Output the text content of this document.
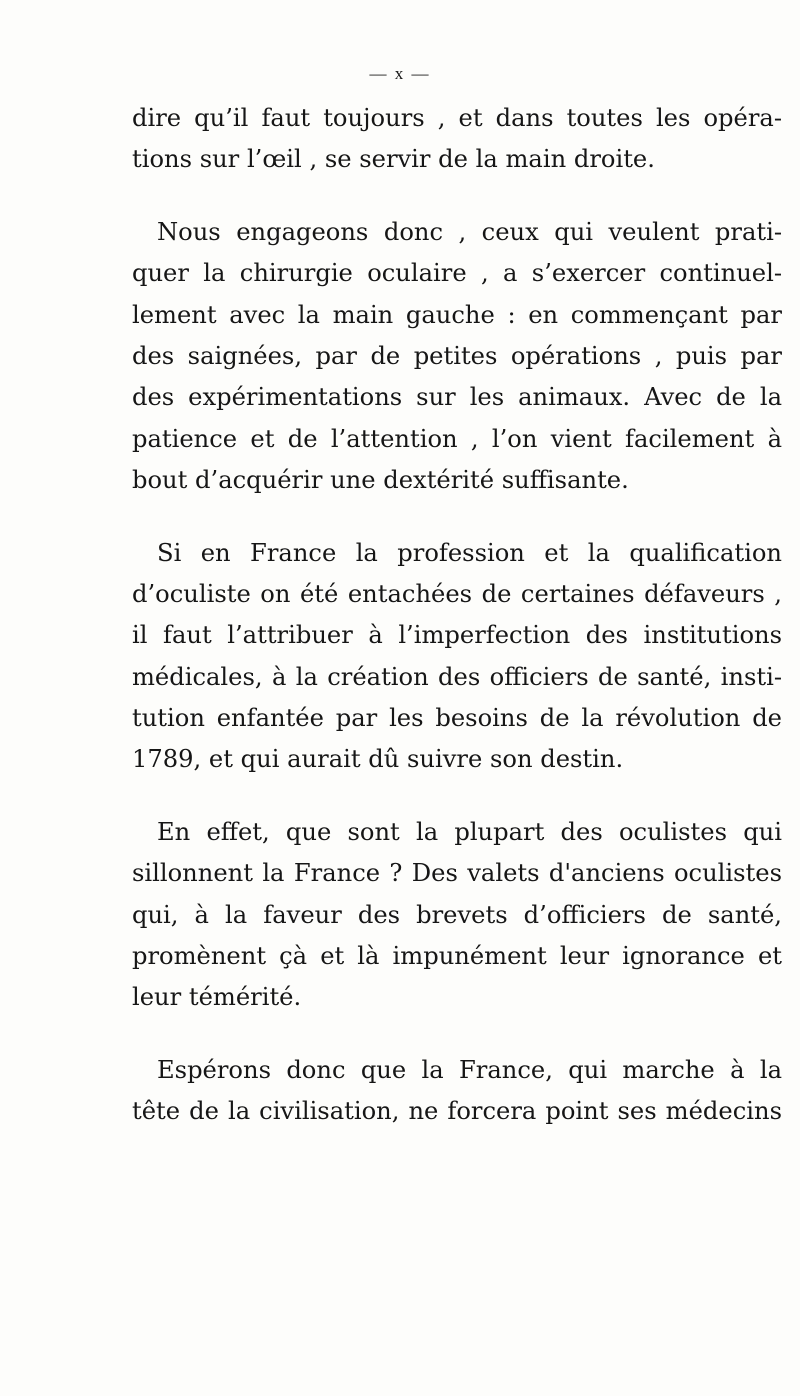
— x —
dire qu’il faut toujours , et dans toutes les opéra-
tions sur l’œil , se servir de la main droite.
Nous engageons donc , ceux qui veulent prati-
quer la chirurgie oculaire , a s’exercer continuel-
lement avec la main gauche : en commençant par
des saignées, par de petites opérations , puis par
des expérimentations sur les animaux. Avec de la
patience et de l’attention , l’on vient facilement à
bout d’acquérir une dextérité suffisante.
Si en France la profession et la qualification
d’oculiste on été entachées de certaines défaveurs ,
il faut l’attribuer à l’imperfection des institutions
médicales, à la création des officiers de santé, insti-
tution enfantée par les besoins de la révolution de
1789, et qui aurait dû suivre son destin.
En effet, que sont la plupart des oculistes qui
sillonnent la France ? Des valets d'anciens oculistes
qui, à la faveur des brevets d’officiers de santé,
promènent çà et là impunément leur ignorance et
leur témérité.
Espérons donc que la France, qui marche à la
tête de la civilisation, ne forcera point ses médecins
